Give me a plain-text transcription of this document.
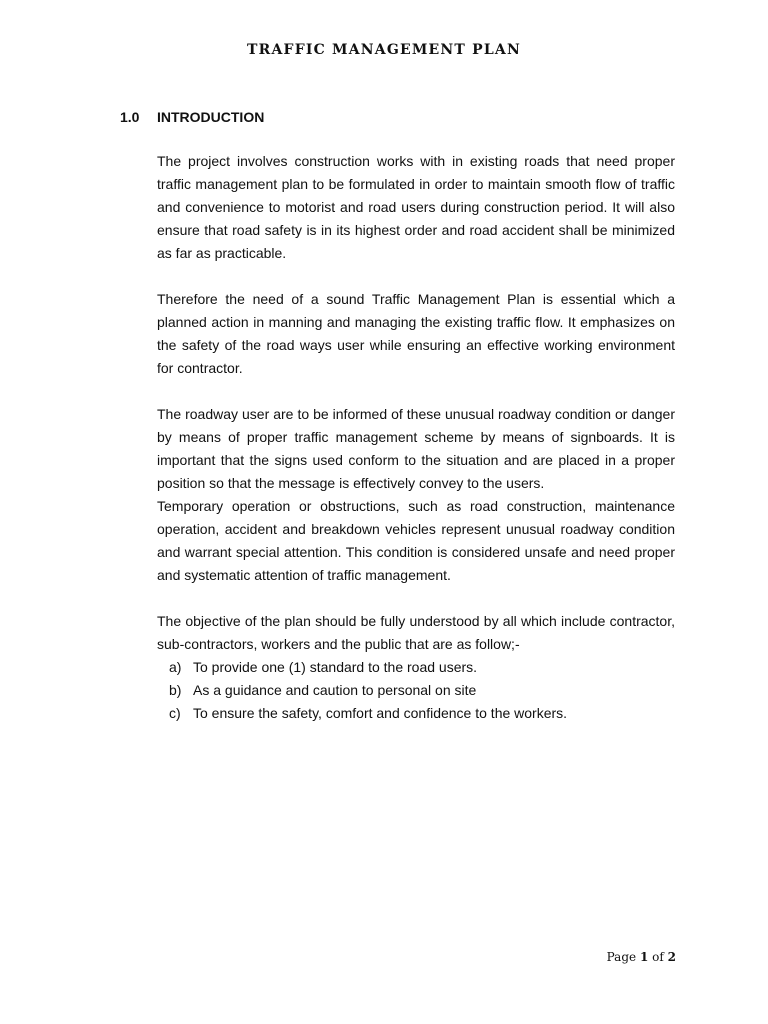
TRAFFIC MANAGEMENT PLAN
1.0 INTRODUCTION

The project involves construction works with in existing roads that need proper traffic management plan to be formulated in order to maintain smooth flow of traffic and convenience to motorist and road users during construction period. It will also ensure that road safety is in its highest order and road accident shall be minimized as far as practicable.

Therefore the need of a sound Traffic Management Plan is essential which a planned action in manning and managing the existing traffic flow. It emphasizes on the safety of the road ways user while ensuring an effective working environment for contractor.

The roadway user are to be informed of these unusual roadway condition or danger by means of proper traffic management scheme by means of signboards. It is important that the signs used conform to the situation and are placed in a proper position so that the message is effectively convey to the users.

Temporary operation or obstructions, such as road construction, maintenance operation, accident and breakdown vehicles represent unusual roadway condition and warrant special attention. This condition is considered unsafe and need proper and systematic attention of traffic management.

The objective of the plan should be fully understood by all which include contractor, sub-contractors, workers and the public that are as follow;-

a) To provide one (1) standard to the road users.
b) As a guidance and caution to personal on site
c) To ensure the safety, comfort and confidence to the workers.
Page 1 of 2
